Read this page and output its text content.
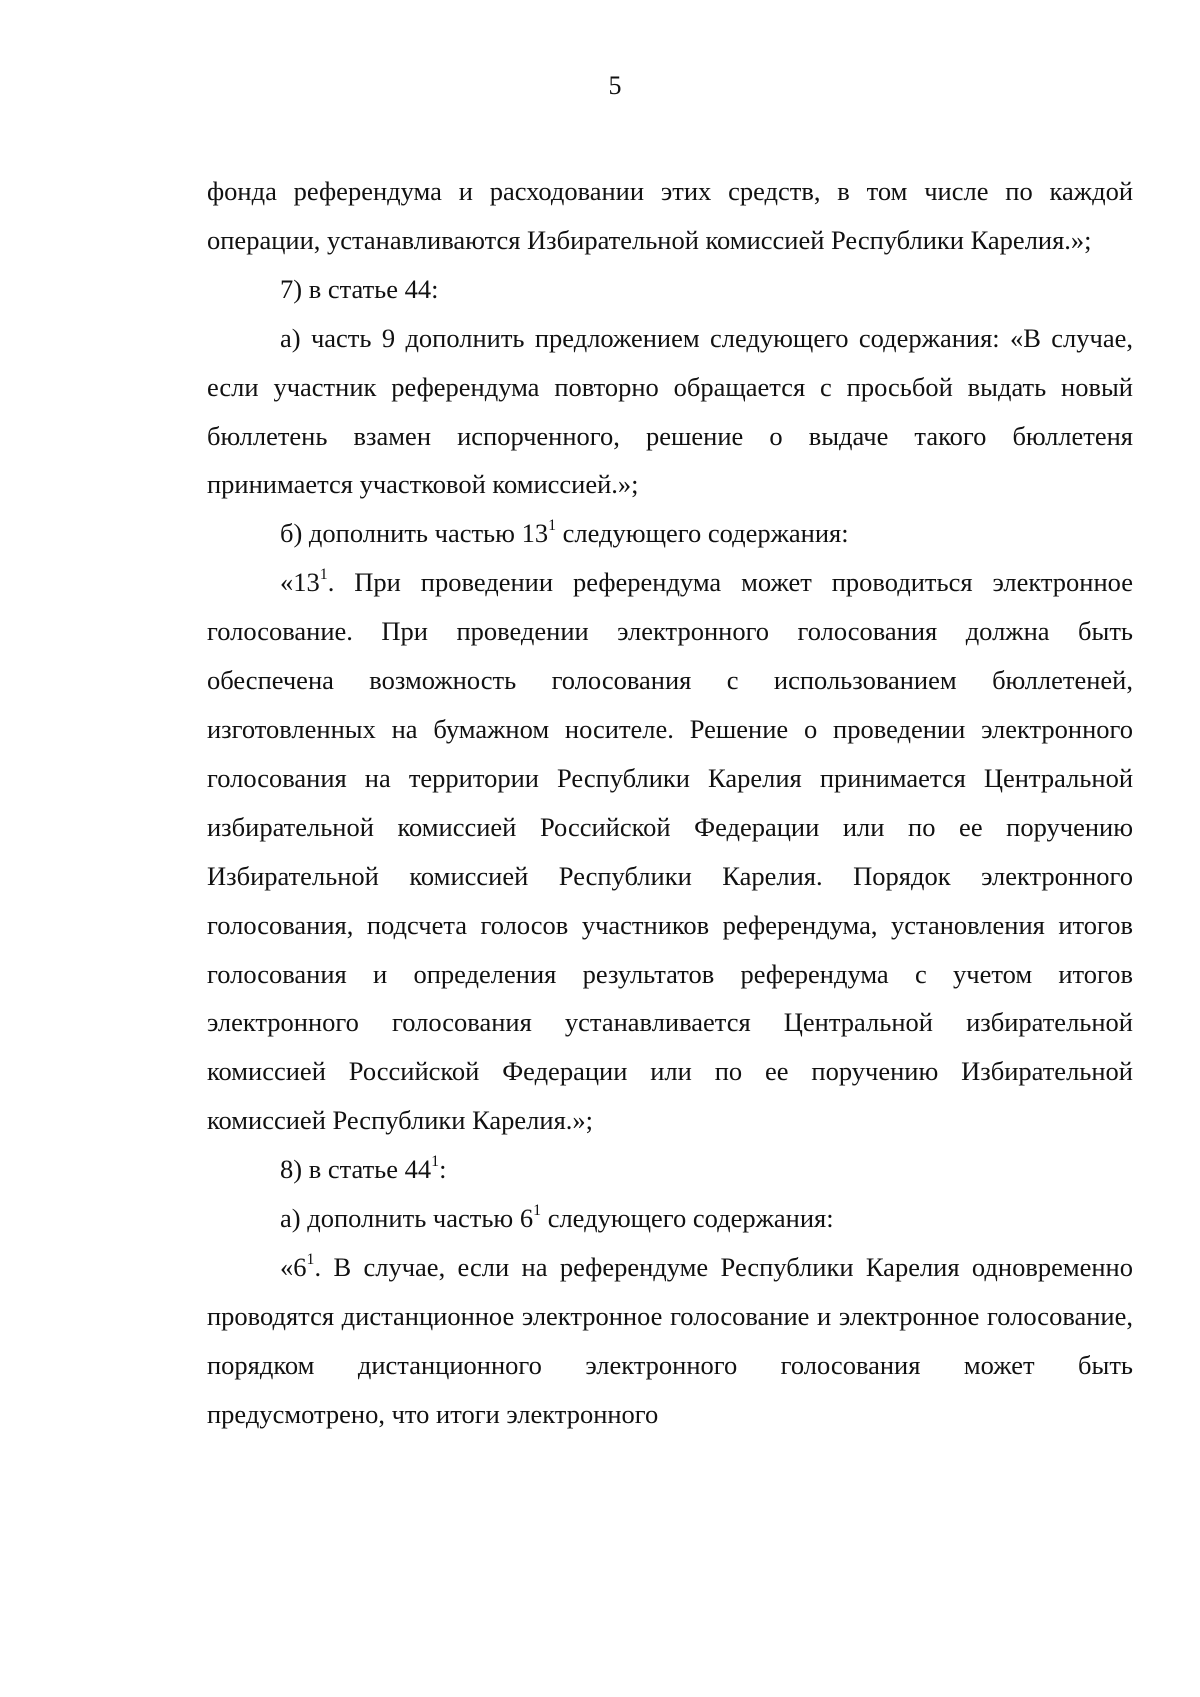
5

фонда референдума и расходовании этих средств, в том числе по каждой операции, устанавливаются Избирательной комиссией Республики Карелия.»;

7) в статье 44:

а) часть 9 дополнить предложением следующего содержания: «В случае, если участник референдума повторно обращается с просьбой выдать новый бюллетень взамен испорченного, решение о выдаче такого бюллетеня принимается участковой комиссией.»;

б) дополнить частью $13^1$ следующего содержания:

«$13^1$. При проведении референдума может проводиться электронное голосование. При проведении электронного голосования должна быть обеспечена возможность голосования с использованием бюллетеней, изготовленных на бумажном носителе. Решение о проведении электронного голосования на территории Республики Карелия принимается Центральной избирательной комиссией Российской Федерации или по ее поручению Избирательной комиссией Республики Карелия. Порядок электронного голосования, подсчета голосов участников референдума, установления итогов голосования и определения результатов референдума с учетом итогов электронного голосования устанавливается Центральной избирательной комиссией Российской Федерации или по ее поручению Избирательной комиссией Республики Карелия.»;

8) в статье $44^1$:

а) дополнить частью $6^1$ следующего содержания:

«$6^1$. В случае, если на референдуме Республики Карелия одновременно проводятся дистанционное электронное голосование и электронное голосование, порядком дистанционного электронного голосования может быть предусмотрено, что итоги электронного
